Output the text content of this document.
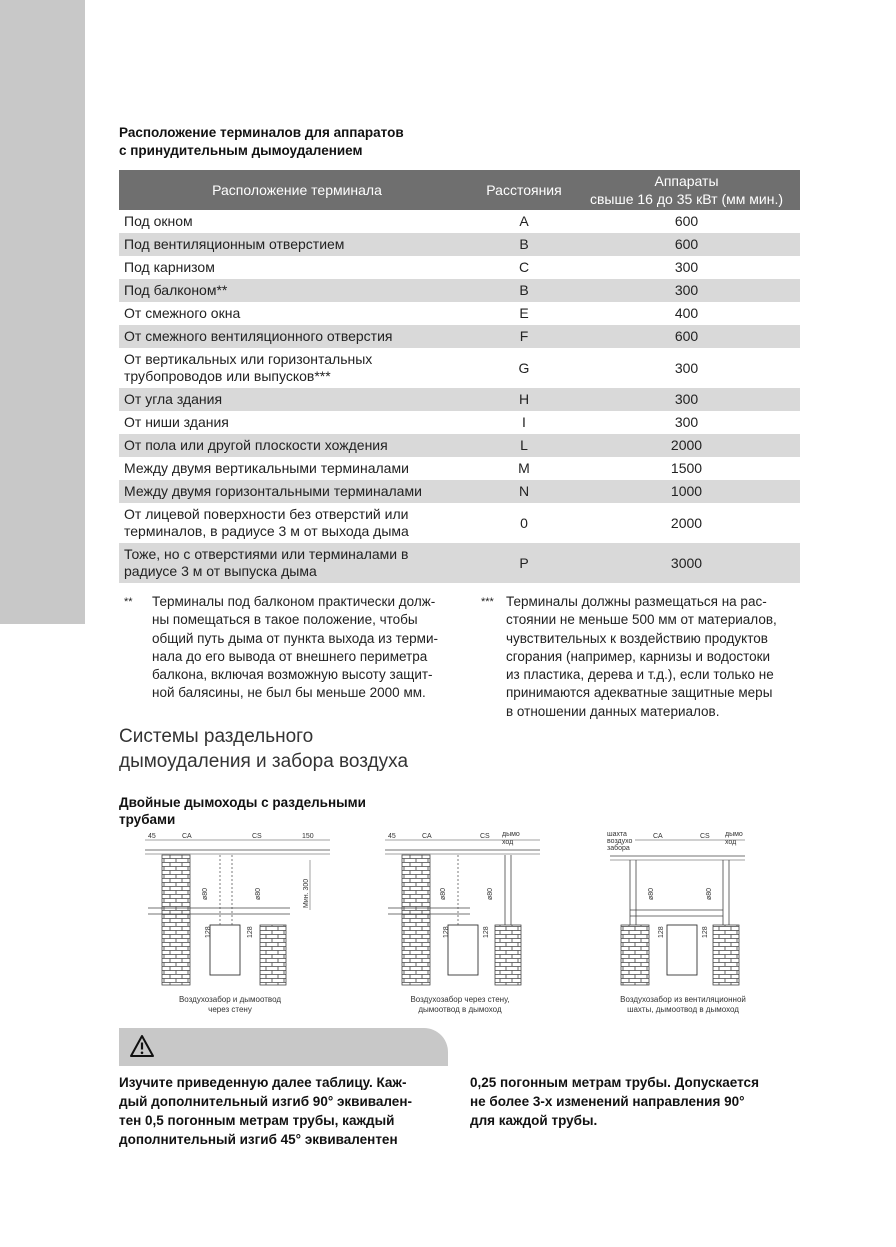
Расположение терминалов для аппаратов
с принудительным дымоудалением
Расположение терминала	Расстояния	Аппараты
свыше 16 до 35 кВт (мм мин.)

Под окном	A	600
Под вентиляционным отверстием	B	600
Под карнизом	C	300
Под балконом**	B	300
От смежного окна	E	400
От смежного вентиляционного отверстия	F	600

От вертикальных или горизонтальных
трубопроводов или выпусков***	G	300
От угла здания	H	300
От ниши здания	I	300
От пола или другой плоскости хождения	L	2000
Между двумя вертикальными терминалами	M	1500
Между двумя горизонтальными терминалами	N	1000

От лицевой поверхности без отверстий или
терминалов, в радиусе 3 м от выхода дыма	0	2000

Тоже, но с отверстиями или терминалами в
радиусе 3 м от выпуска дыма	P	3000
** Терминалы под балконом практически долж-
ны помещаться в такое положение, чтобы
общий путь дыма от пункта выхода из терми-
нала до его вывода от внешнего периметра
балкона, включая возможную высоту защит-
ной балясины, не был бы меньше 2000 мм.
*** Терминалы должны размещаться на рас-
стоянии не меньше 500 мм от материалов,
чувствительных к воздействию продуктов
сгорания (например, карнизы и водостоки
из пластика, дерева и т.д.), если только не
принимаются адекватные защитные меры
в отношении данных материалов.
Системы раздельного
дымоудаления и забора воздуха
Двойные дымоходы с раздельными
трубами
45	CA	CS	150
Мин. 300
ø80	ø80
128	128
Воздухозабор и дымоотвод
через стену
45	CA	CS дымо
ход
ø80	ø80
128	128
Воздухозабор через стену,
дымоотвод в дымоход
шахта
воздухо
забора
CA	CS дымо
ход
ø80	ø80
128	128
Воздухозабор из вентиляционной
шахты, дымоотвод в дымоход
Изучите приведенную далее таблицу. Каж-
дый дополнительный изгиб 90° эквивален-
тен 0,5 погонным метрам трубы, каждый
дополнительный изгиб 45° эквивалентен
0,25 погонным метрам трубы. Допускается
не более 3-х изменений направления 90°
для каждой трубы.
